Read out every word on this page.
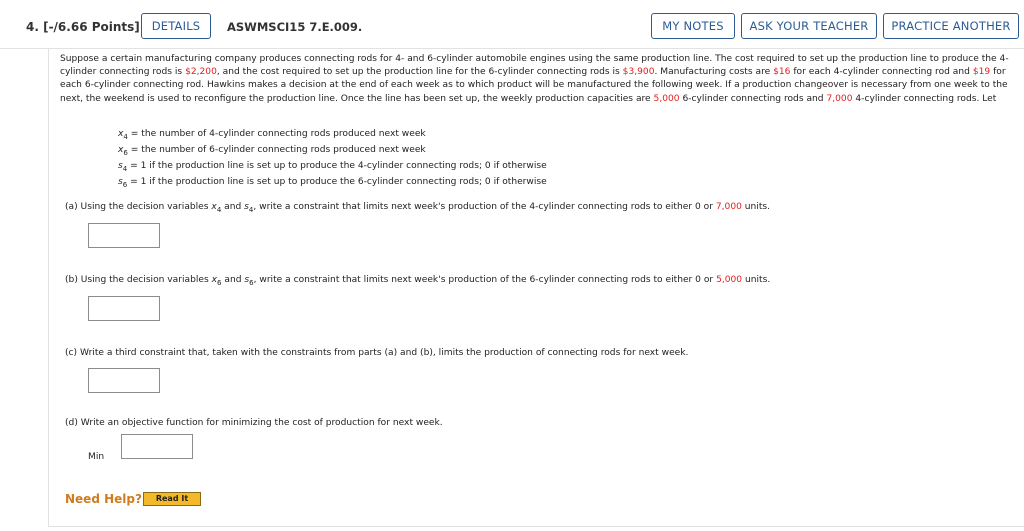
4. [-/6.66 Points]	DETAILS	ASWMSCI15 7.E.009.	MY NOTES	ASK YOUR TEACHER	PRACTICE ANOTHER
Suppose a certain manufacturing company produces connecting rods for 4- and 6-cylinder automobile engines using the same production line. The cost required to set up the production line to produce the 4-cylinder connecting rods is $2,200, and the cost required to set up the production line for the 6-cylinder connecting rods is $3,900. Manufacturing costs are $16 for each 4-cylinder connecting rod and $19 for each 6-cylinder connecting rod. Hawkins makes a decision at the end of each week as to which product will be manufactured the following week. If a production changeover is necessary from one week to the next, the weekend is used to reconfigure the production line. Once the line has been set up, the weekly production capacities are 5,000 6-cylinder connecting rods and 7,000 4-cylinder connecting rods. Let
$x_4$ = the number of 4-cylinder connecting rods produced next week
$x_6$ = the number of 6-cylinder connecting rods produced next week
$s_4 = 1$ if the production line is set up to produce the 4-cylinder connecting rods; 0 if otherwise
$s_6 = 1$ if the production line is set up to produce the 6-cylinder connecting rods; 0 if otherwise
(a) Using the decision variables $x_4$ and $s_4$, write a constraint that limits next week's production of the 4-cylinder connecting rods to either 0 or 7,000 units.
(b) Using the decision variables $x_6$ and $s_6$, write a constraint that limits next week's production of the 6-cylinder connecting rods to either 0 or 5,000 units.
(c) Write a third constraint that, taken with the constraints from parts (a) and (b), limits the production of connecting rods for next week.
(d) Write an objective function for minimizing the cost of production for next week.
Min
Need Help?	Read It
